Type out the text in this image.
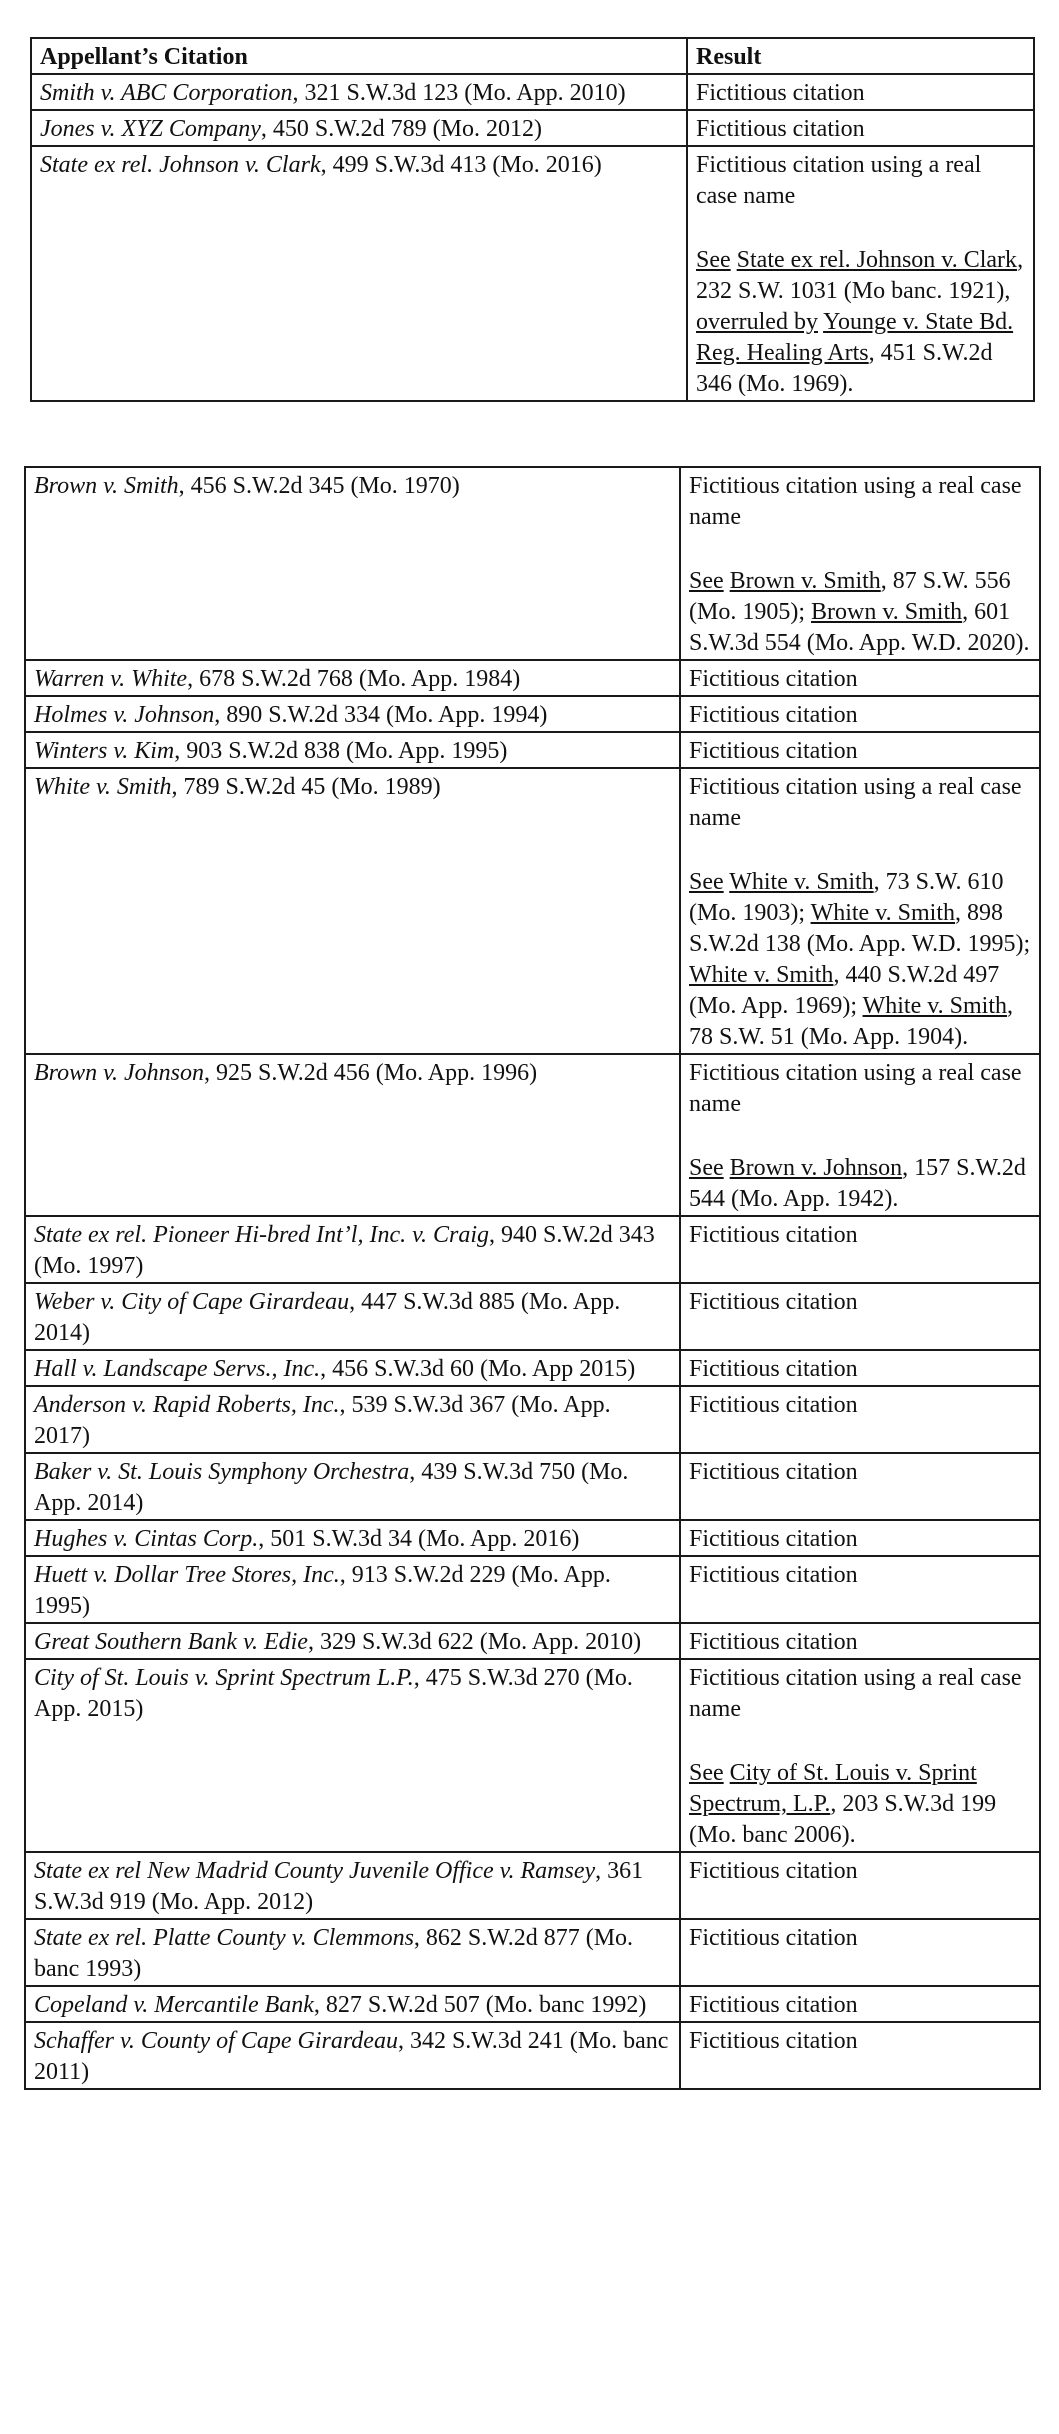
Appellant’s Citation	Result
Smith v. ABC Corporation, 321 S.W.3d 123 (Mo. App. 2010)	Fictitious citation

Jones v. XYZ Company, 450 S.W.2d 789 (Mo. 2012)	Fictitious citation

State ex rel. Johnson v. Clark, 499 S.W.3d 413 (Mo. 2016)	Fictitious citation using a real case name
See State ex rel. Johnson v. Clark, 232 S.W. 1031 (Mo banc. 1921), overruled by Younge v. State Bd. Reg. Healing Arts, 451 S.W.2d 346 (Mo. 1969).
Brown v. Smith, 456 S.W.2d 345 (Mo. 1970)	Fictitious citation using a real case name
See Brown v. Smith, 87 S.W. 556 (Mo. 1905); Brown v. Smith, 601 S.W.3d 554 (Mo. App. W.D. 2020).

Warren v. White, 678 S.W.2d 768 (Mo. App. 1984)	Fictitious citation

Holmes v. Johnson, 890 S.W.2d 334 (Mo. App. 1994)	Fictitious citation

Winters v. Kim, 903 S.W.2d 838 (Mo. App. 1995)	Fictitious citation

White v. Smith, 789 S.W.2d 45 (Mo. 1989)	Fictitious citation using a real case name
See White v. Smith, 73 S.W. 610 (Mo. 1903); White v. Smith, 898 S.W.2d 138 (Mo. App. W.D. 1995); White v. Smith, 440 S.W.2d 497 (Mo. App. 1969); White v. Smith, 78 S.W. 51 (Mo. App. 1904).

Brown v. Johnson, 925 S.W.2d 456 (Mo. App. 1996)	Fictitious citation using a real case name
See Brown v. Johnson, 157 S.W.2d 544 (Mo. App. 1942).

State ex rel. Pioneer Hi-bred Int’l, Inc. v. Craig, 940 S.W.2d 343 (Mo. 1997)	Fictitious citation

Weber v. City of Cape Girardeau, 447 S.W.3d 885 (Mo. App. 2014)	Fictitious citation

Hall v. Landscape Servs., Inc., 456 S.W.3d 60 (Mo. App 2015)	Fictitious citation

Anderson v. Rapid Roberts, Inc., 539 S.W.3d 367 (Mo. App. 2017)	Fictitious citation

Baker v. St. Louis Symphony Orchestra, 439 S.W.3d 750 (Mo. App. 2014)	Fictitious citation

Hughes v. Cintas Corp., 501 S.W.3d 34 (Mo. App. 2016)	Fictitious citation

Huett v. Dollar Tree Stores, Inc., 913 S.W.2d 229 (Mo. App. 1995)	Fictitious citation

Great Southern Bank v. Edie, 329 S.W.3d 622 (Mo. App. 2010)	Fictitious citation

City of St. Louis v. Sprint Spectrum L.P., 475 S.W.3d 270 (Mo. App. 2015)	Fictitious citation using a real case name
See City of St. Louis v. Sprint Spectrum, L.P., 203 S.W.3d 199 (Mo. banc 2006).

State ex rel New Madrid County Juvenile Office v. Ramsey, 361 S.W.3d 919 (Mo. App. 2012)	Fictitious citation

State ex rel. Platte County v. Clemmons, 862 S.W.2d 877 (Mo. banc 1993)	Fictitious citation

Copeland v. Mercantile Bank, 827 S.W.2d 507 (Mo. banc 1992)	Fictitious citation

Schaffer v. County of Cape Girardeau, 342 S.W.3d 241 (Mo. banc 2011)	Fictitious citation
